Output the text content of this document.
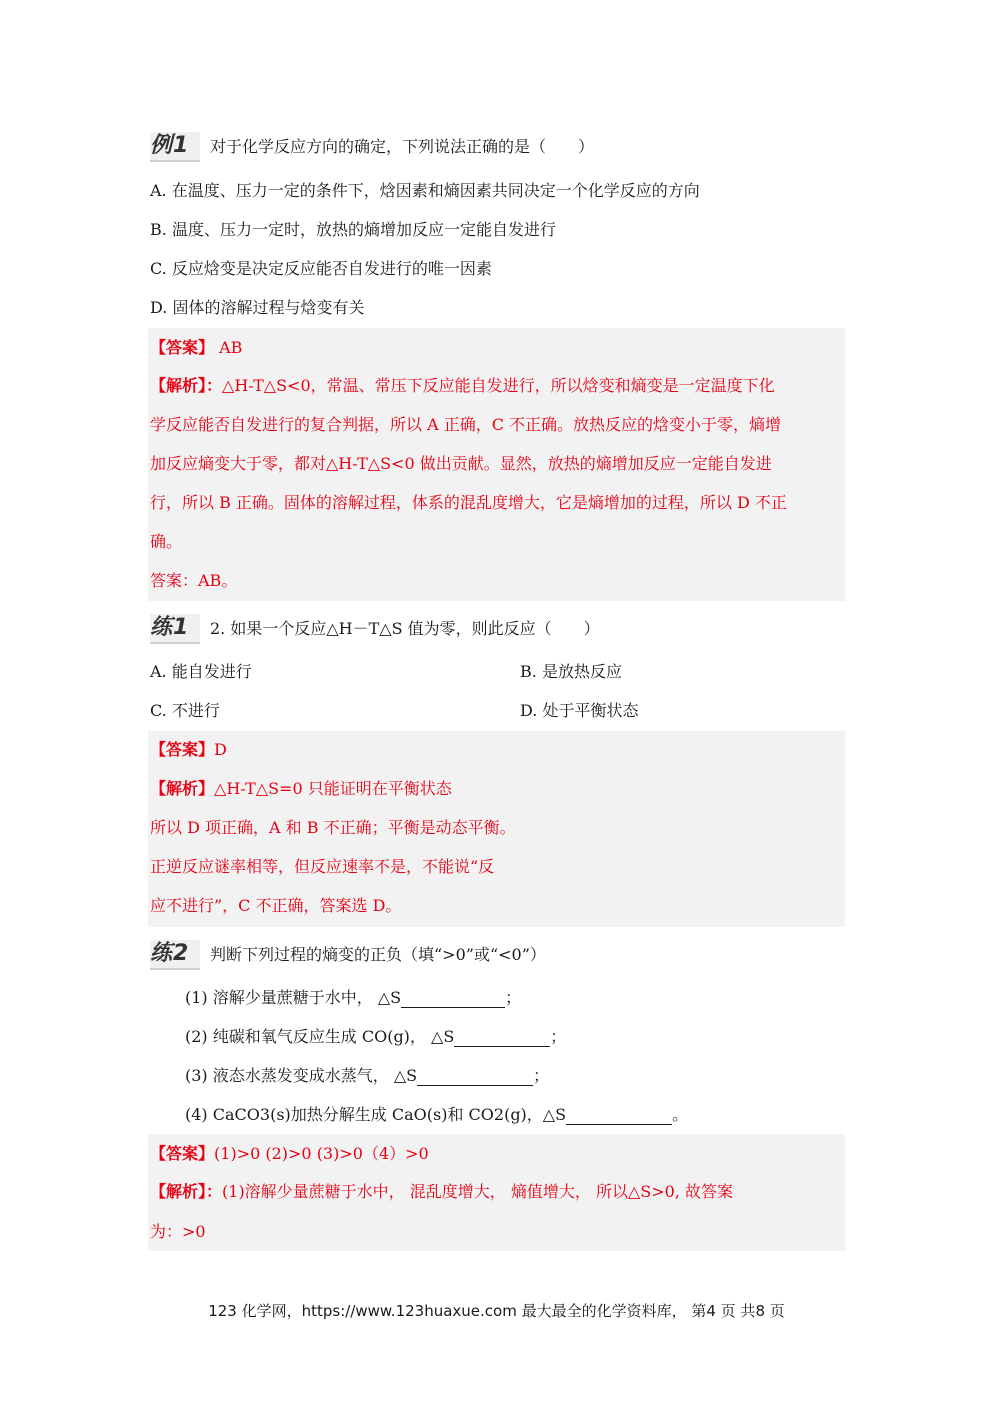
例1 对于化学反应方向的确定，下列说法正确的是（　　）
A. 在温度、压力一定的条件下，焓因素和熵因素共同决定一个化学反应的方向
B. 温度、压力一定时，放热的熵增加反应一定能自发进行
C. 反应焓变是决定反应能否自发进行的唯一因素
D. 固体的溶解过程与焓变有关
【答案】 AB
【解析】：△H-T△S<0，常温、常压下反应能自发进行，所以焓变和熵变是一定温度下化
学反应能否自发进行的复合判据，所以 A 正确，C 不正确。放热反应的焓变小于零，熵增
加反应熵变大于零，都对△H-T△S<0 做出贡献。显然，放热的熵增加反应一定能自发进
行，所以 B 正确。固体的溶解过程，体系的混乱度增大，它是熵增加的过程，所以 D 不正
确。
答案：AB。
练1 2. 如果一个反应△H－T△S 值为零，则此反应（　　）
A. 能自发进行	B. 是放热反应
C. 不进行	D. 处于平衡状态
【答案】D
【解析】△H-T△S=0 只能证明在平衡状态
所以 D 项正确，A 和 B 不正确；平衡是动态平衡。
正逆反应谜率相等，但反应速率不是，不能说“反
应不进行”，C 不正确，答案选 D。
练2 判断下列过程的熵变的正负（填“>0”或“<0”）
(1) 溶解少量蔗糖于水中， △S	；
(2) 纯碳和氧气反应生成 CO(g)， △S	；
(3) 液态水蒸发变成水蒸气， △S	；
(4) CaCO3(s)加热分解生成 CaO(s)和 CO2(g)，△S	。
【答案】(1)>0 (2)>0 (3)>0（4）>0
【解析】：(1)溶解少量蔗糖于水中， 混乱度增大， 熵值增大， 所以△S>0, 故答案
为：>0
123 化学网，https://www.123huaxue.com 最大最全的化学资料库， 第4 页 共8 页
